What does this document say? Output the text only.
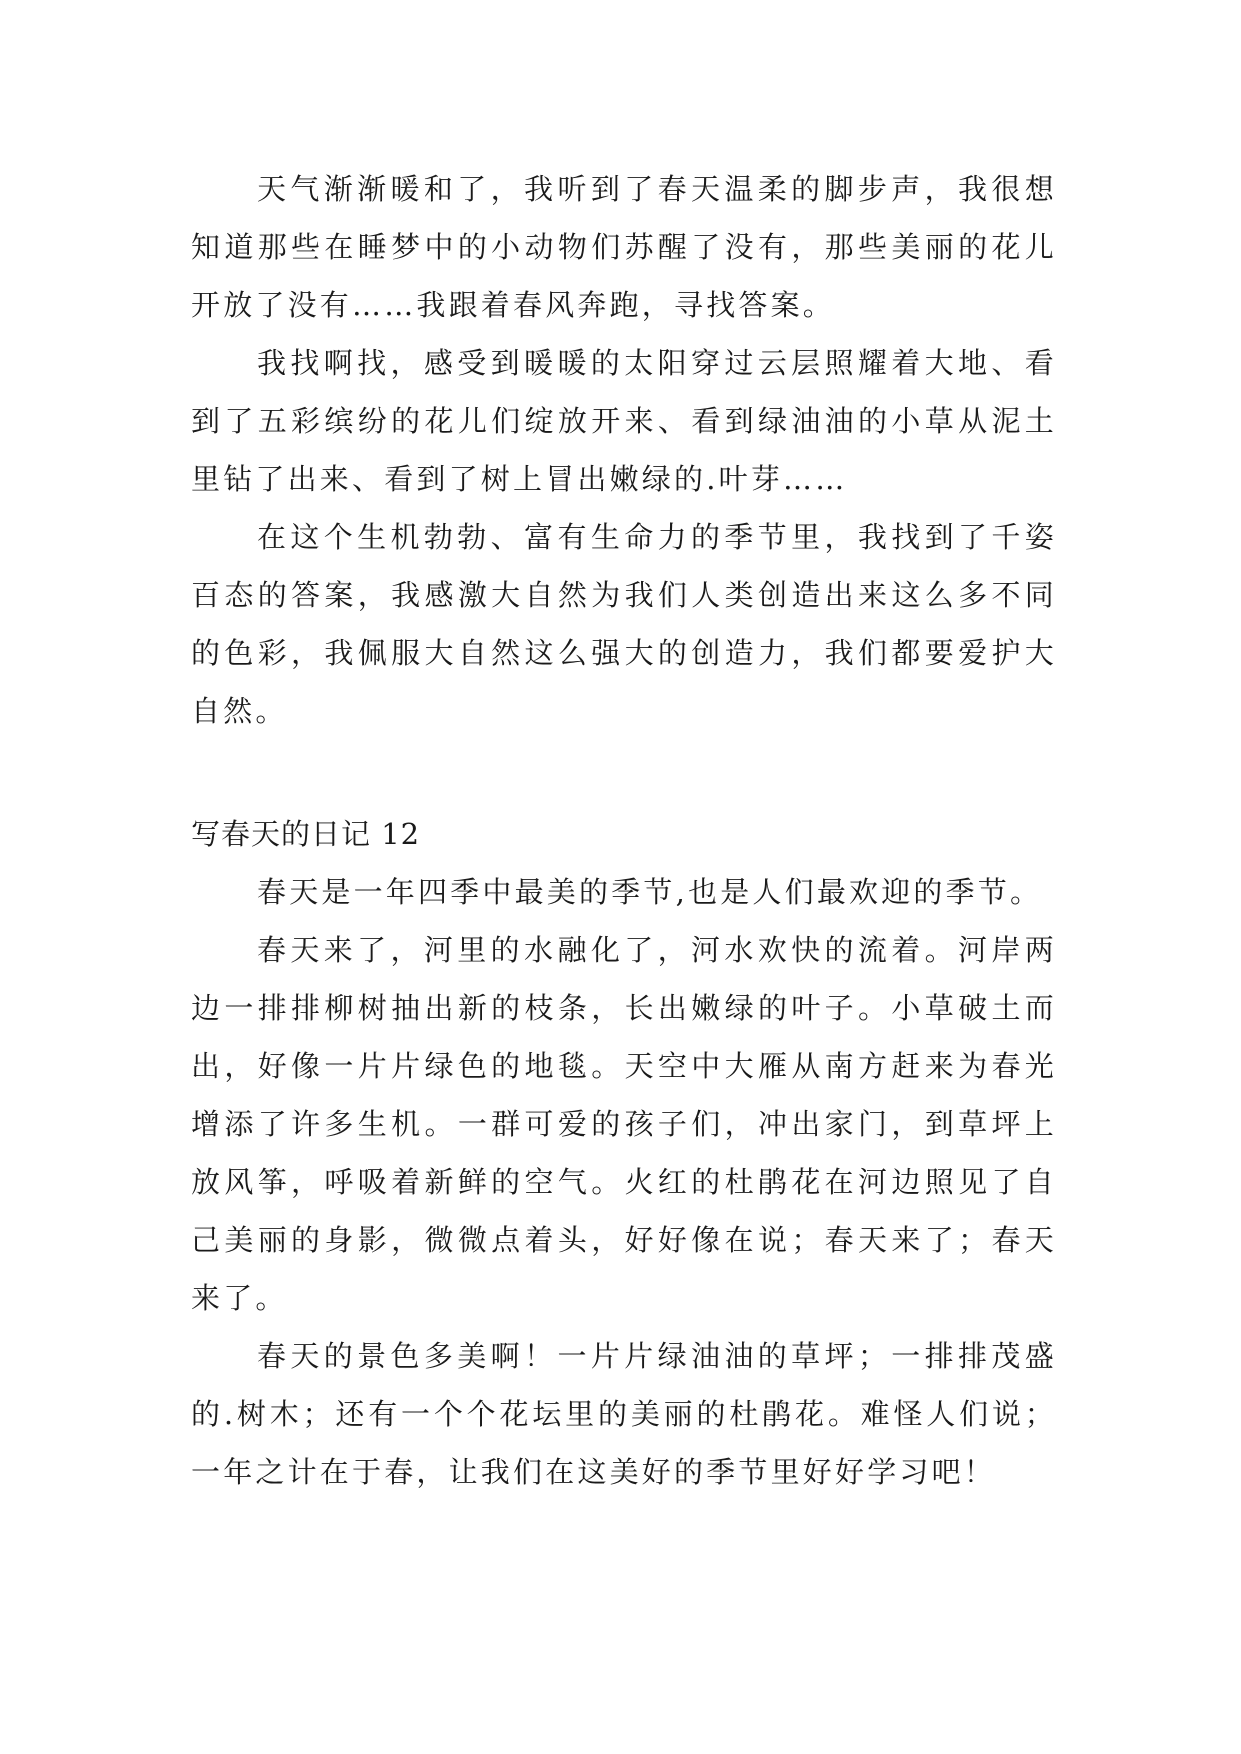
天气渐渐暖和了，我听到了春天温柔的脚步声，我很想知道那些在睡梦中的小动物们苏醒了没有，那些美丽的花儿开放了没有……我跟着春风奔跑，寻找答案。

我找啊找，感受到暖暖的太阳穿过云层照耀着大地、看到了五彩缤纷的花儿们绽放开来、看到绿油油的小草从泥土里钻了出来、看到了树上冒出嫩绿的.叶芽……

在这个生机勃勃、富有生命力的季节里，我找到了千姿百态的答案，我感激大自然为我们人类创造出来这么多不同的色彩，我佩服大自然这么强大的创造力，我们都要爱护大自然。

写春天的日记 12

春天是一年四季中最美的季节,也是人们最欢迎的季节。

春天来了，河里的水融化了，河水欢快的流着。河岸两边一排排柳树抽出新的枝条，长出嫩绿的叶子。小草破土而出，好像一片片绿色的地毯。天空中大雁从南方赶来为春光增添了许多生机。一群可爱的孩子们，冲出家门，到草坪上放风筝，呼吸着新鲜的空气。火红的杜鹃花在河边照见了自己美丽的身影，微微点着头，好好像在说；春天来了；春天来了。

春天的景色多美啊！一片片绿油油的草坪；一排排茂盛的.树木；还有一个个花坛里的美丽的杜鹃花。难怪人们说；一年之计在于春，让我们在这美好的季节里好好学习吧！
